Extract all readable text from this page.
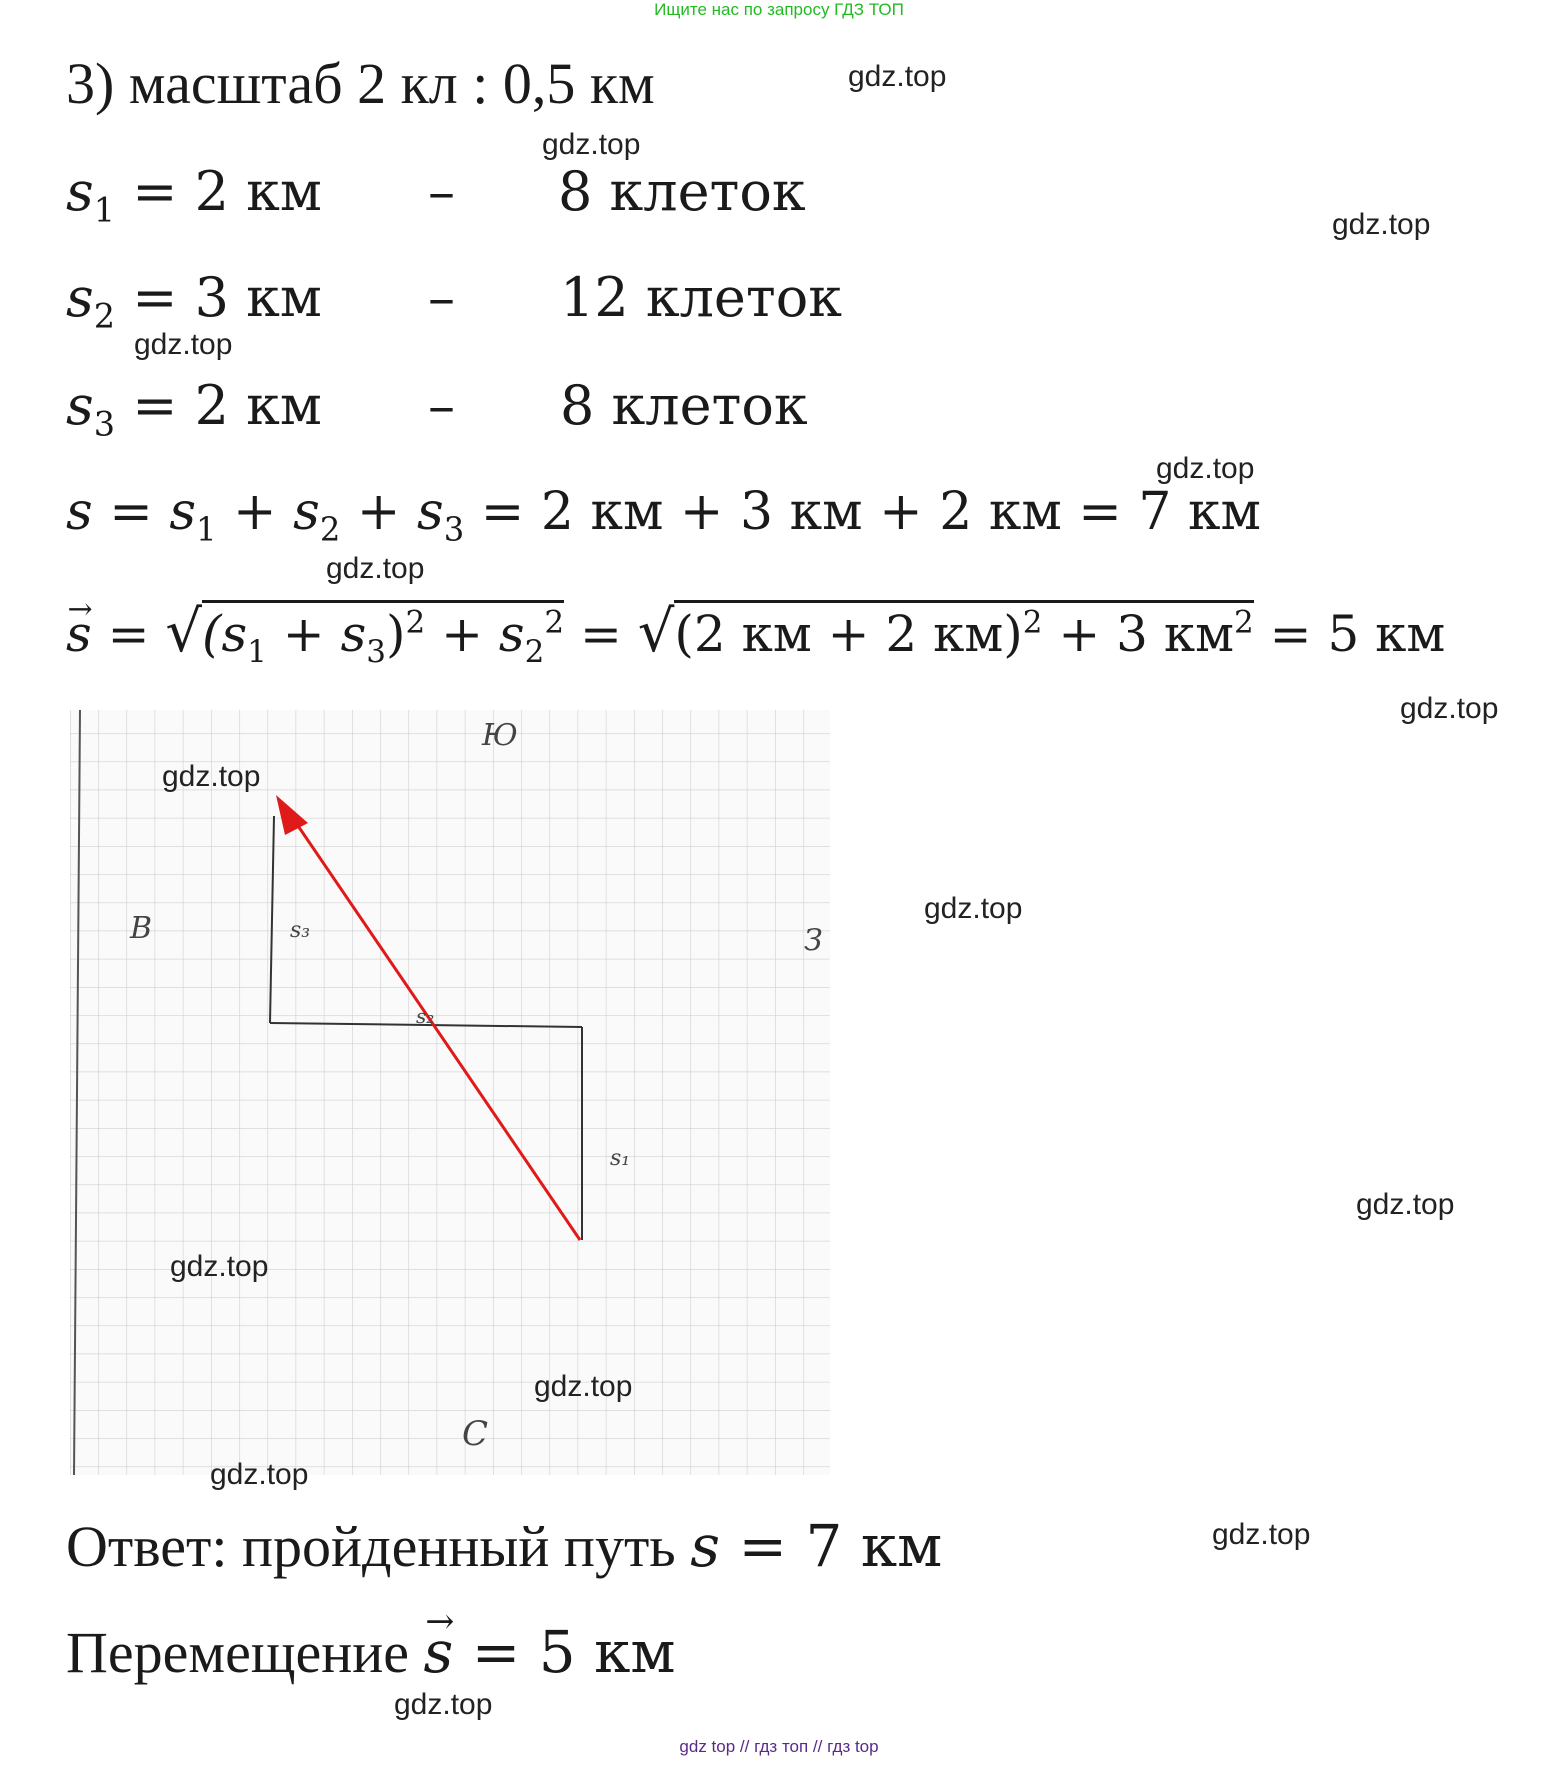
Ищите нас по запросу ГДЗ ТОП
3) масштаб 2 кл : 0,5 км
$s_1 = 2$ км – 8 клеток
$s_2 = 3$ км – 12 клеток
$s_3 = 2$ км – 8 клеток
$s = s_1 + s_2 + s_3 = 2$ км + 3 км + 2 км = 7 км
→ $s = √(s_1 + s_3)^2 + s_2^2 = √(2$ км + 2 км)$^2$ + 3 $км^2 = 5$ км
Ю
В	З
С
s₃
s₂
s₁
Ответ: пройденный путь s = 7 км
Перемещение → s = 5 км
gdz.top
gdz.top
gdz.top
gdz.top
gdz.top
gdz.top
gdz.top
gdz.top
gdz.top
gdz.top
gdz.top
gdz.top
gdz.top
gdz.top
gdz.top
gdz top // гдз топ // гдз top
